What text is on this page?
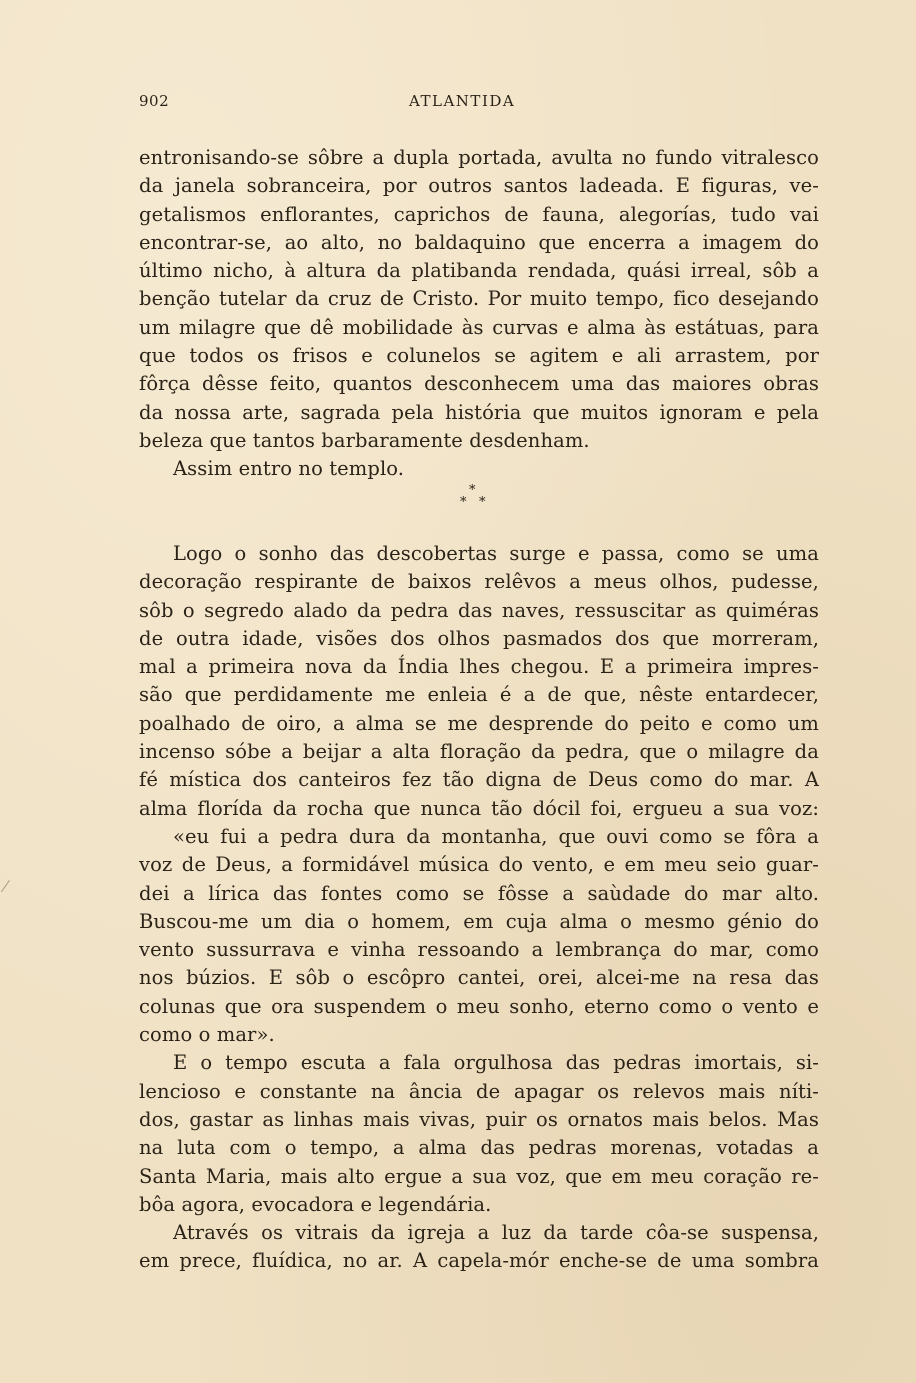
902	ATLANTIDA
entronisando-se sôbre a dupla portada, avulta no fundo vitralesco
da janela sobranceira, por outros santos ladeada. E figuras, ve-
getalismos enflorantes, caprichos de fauna, alegorías, tudo vai
encontrar-se, ao alto, no baldaquino que encerra a imagem do
último nicho, à altura da platibanda rendada, quási irreal, sôb a
benção tutelar da cruz de Cristo. Por muito tempo, fico desejando
um milagre que dê mobilidade às curvas e alma às estátuas, para
que todos os frisos e colunelos se agitem e ali arrastem, por
fôrça dêsse feito, quantos desconhecem uma das maiores obras
da nossa arte, sagrada pela história que muitos ignoram e pela
beleza que tantos barbaramente desdenham.
Assim entro no templo.
*
* *
Logo o sonho das descobertas surge e passa, como se uma
decoração respirante de baixos relêvos a meus olhos, pudesse,
sôb o segredo alado da pedra das naves, ressuscitar as quiméras
de outra idade, visões dos olhos pasmados dos que morreram,
mal a primeira nova da Índia lhes chegou. E a primeira impres-
são que perdidamente me enleia é a de que, nêste entardecer,
poalhado de oiro, a alma se me desprende do peito e como um
incenso sóbe a beijar a alta floração da pedra, que o milagre da
fé mística dos canteiros fez tão digna de Deus como do mar. A
alma florída da rocha que nunca tão dócil foi, ergueu a sua voz:
«eu fui a pedra dura da montanha, que ouvi como se fôra a
voz de Deus, a formidável música do vento, e em meu seio guar-
dei a lírica das fontes como se fôsse a saùdade do mar alto.
Buscou-me um dia o homem, em cuja alma o mesmo génio do
vento sussurrava e vinha ressoando a lembrança do mar, como
nos búzios. E sôb o escôpro cantei, orei, alcei-me na resa das
colunas que ora suspendem o meu sonho, eterno como o vento e
como o mar».
E o tempo escuta a fala orgulhosa das pedras imortais, si-
lencioso e constante na ância de apagar os relevos mais níti-
dos, gastar as linhas mais vivas, puir os ornatos mais belos. Mas
na luta com o tempo, a alma das pedras morenas, votadas a
Santa Maria, mais alto ergue a sua voz, que em meu coração re-
bôa agora, evocadora e legendária.
Através os vitrais da igreja a luz da tarde côa-se suspensa,
em prece, fluídica, no ar. A capela-mór enche-se de uma sombra
